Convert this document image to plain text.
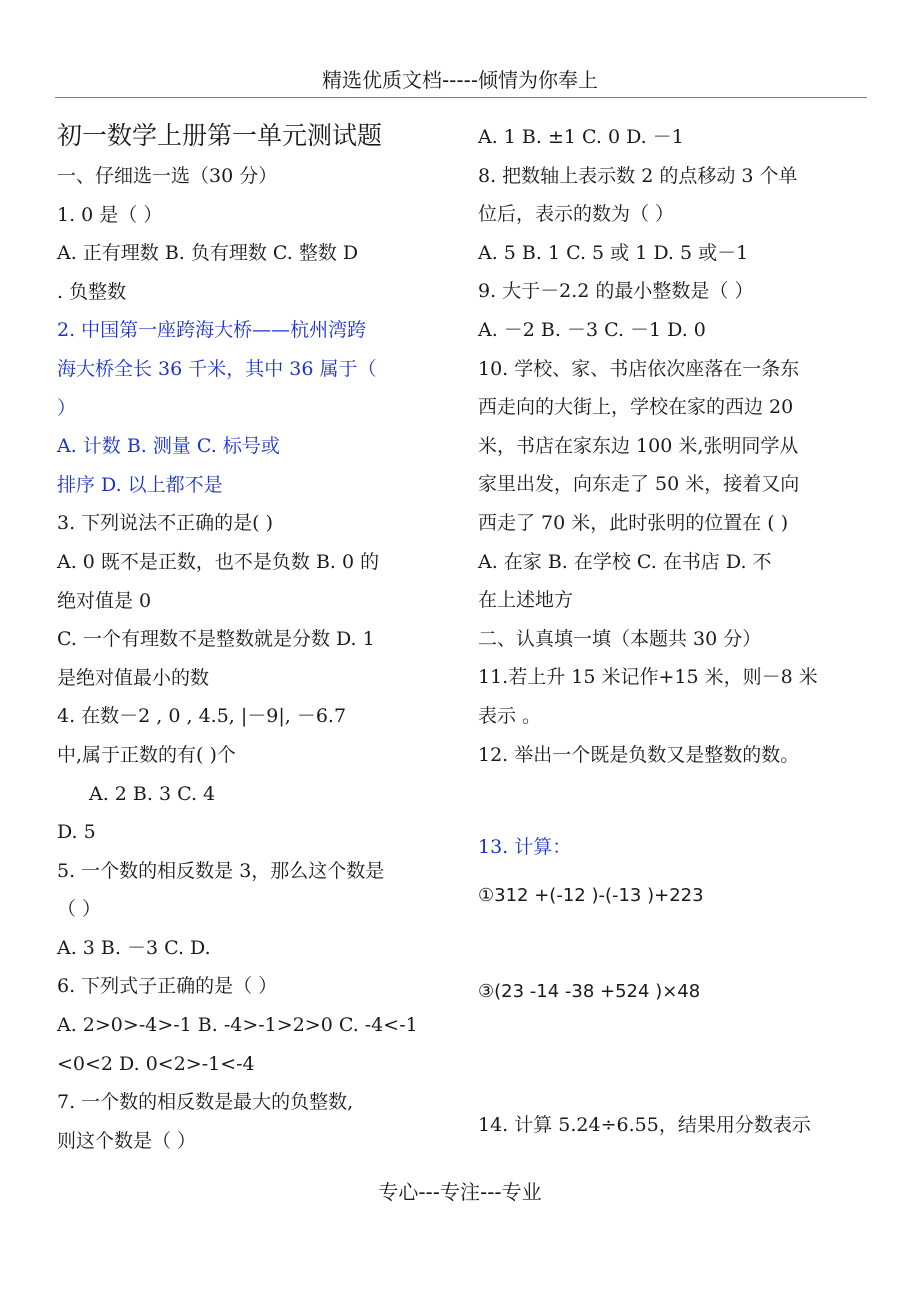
精选优质文档-----倾情为你奉上
初一数学上册第一单元测试题
一、仔细选一选（30 分）
1. 0 是（ ）
A. 正有理数 B. 负有理数 C. 整数 D
. 负整数
2. 中国第一座跨海大桥——杭州湾跨
海大桥全长 36 千米，其中 36 属于（
）
A. 计数 B. 测量 C. 标号或
排序 D. 以上都不是
3. 下列说法不正确的是( )
A. 0 既不是正数，也不是负数 B. 0 的
绝对值是 0
C. 一个有理数不是整数就是分数 D. 1
是绝对值最小的数
4. 在数－2 , 0 , 4.5, |－9|, －6.7
中,属于正数的有( )个
A. 2 B. 3 C. 4
D. 5
5. 一个数的相反数是 3，那么这个数是
（ ）
A. 3 B. －3 C. D.
6. 下列式子正确的是（ ）
A. 2>0>-4>-1 B. -4>-1>2>0 C. -4<-1
<0<2 D. 0<2>-1<-4
7. 一个数的相反数是最大的负整数,
则这个数是（ ）
A. 1 B. ±1 C. 0 D. －1
8. 把数轴上表示数 2 的点移动 3 个单
位后，表示的数为（ ）
A. 5 B. 1 C. 5 或 1 D. 5 或－1
9. 大于－2.2 的最小整数是（ ）
A. －2 B. －3 C. －1 D. 0
10. 学校、家、书店依次座落在一条东
西走向的大街上，学校在家的西边 20
米，书店在家东边 100 米,张明同学从
家里出发，向东走了 50 米，接着又向
西走了 70 米，此时张明的位置在 ( )
A. 在家 B. 在学校 C. 在书店 D. 不
在上述地方
二、认真填一填（本题共 30 分）
11.若上升 15 米记作+15 米，则－8 米
表示 。
12. 举出一个既是负数又是整数的数。
13. 计算：
①312 +(-12 )-(-13 )+223
③(23 -14 -38 +524 )×48
14. 计算 5.24÷6.55，结果用分数表示
专心---专注---专业
